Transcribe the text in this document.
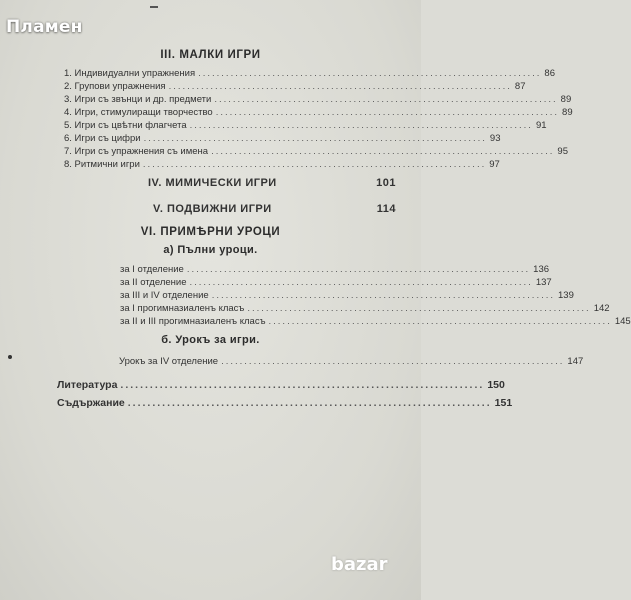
Пламен
III. МАЛКИ ИГРИ
1. Индивидуални упражнения .......................................................................... 86
2. Групови упражнения .......................................................................... 87
3. Игри съ звънци и др. предмети .......................................................................... 89
4. Игри, стимулиращи творчество .......................................................................... 89
5. Игри съ цвѣтни флагчета .......................................................................... 91
6. Игри съ цифри .......................................................................... 93
7. Игри съ упражнения съ имена .......................................................................... 95
8. Ритмични игри .......................................................................... 97
IV. МИМИЧЕСКИ ИГРИ	101
V. ПОДВИЖНИ ИГРИ	114
VI. ПРИМѢРНИ УРОЦИ
а) Пълни уроци.
за I отделение .......................................................................... 136
за II отделение .......................................................................... 137
за III и IV отделение .......................................................................... 139
за I прогимназиаленъ класъ .......................................................................... 142
за II и III прогимназиаленъ класъ .......................................................................... 145
б. Урокъ за игри.
Урокъ за IV отделение .......................................................................... 147
Литература .......................................................................... 150
Съдържание .......................................................................... 151
bazar
